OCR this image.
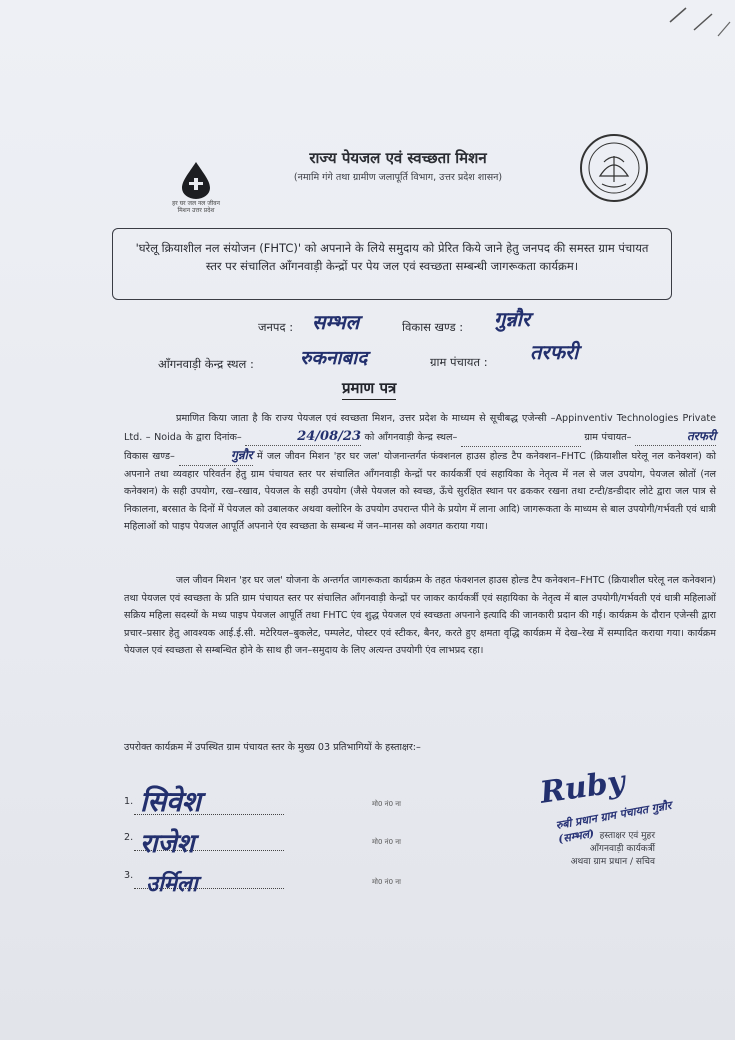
हर घर जल नल जीवन मिशन उत्तर प्रदेश
राज्य पेयजल एवं स्वच्छता मिशन
(नमामि गंगे तथा ग्रामीण जलापूर्ति विभाग, उत्तर प्रदेश शासन)
'घरेलू क्रियाशील नल संयोजन (FHTC)' को अपनाने के लिये समुदाय को प्रेरित किये जाने हेतु जनपद की समस्त ग्राम पंचायत स्तर पर संचालित आँगनवाड़ी केन्द्रों पर पेय जल एवं स्वच्छता सम्बन्धी जागरूकता कार्यक्रम।
जनपद : सम्भल	विकास खण्ड : गुन्नौर
आँगनवाड़ी केन्द्र स्थल : रुकनाबाद	ग्राम पंचायत : तरफरी
प्रमाण पत्र

प्रमाणित किया जाता है कि राज्य पेयजल एवं स्वच्छता मिशन, उत्तर प्रदेश के माध्यम से सूचीबद्ध एजेन्सी –Appinventiv Technologies Private Ltd. – Noida के द्वारा दिनांक–	24/08/23 को आँगनवाड़ी केन्द्र स्थल–	ग्राम पंचायत–	तरफरी विकास खण्ड–	गुन्नौर में जल जीवन मिशन 'हर घर जल' योजनान्तर्गत फंक्शनल हाउस होल्ड टैप कनेक्शन–FHTC (क्रियाशील घरेलू नल कनेक्शन) को अपनाने तथा व्यवहार परिवर्तन हेतु ग्राम पंचायत स्तर पर संचालित आँगनवाड़ी केन्द्रों पर कार्यकर्त्री एवं सहायिका के नेतृत्व में नल से जल उपयोग, पेयजल स्रोतों (नल कनेक्शन) के सही उपयोग, रख–रखाव, पेयजल के सही उपयोग (जैसे पेयजल को स्वच्छ, ऊँचे सुरक्षित स्थान पर ढककर रखना तथा टन्टी/डन्डीदार लोटे द्वारा जल पात्र से निकालना, बरसात के दिनों में पेयजल को उबालकर अथवा क्लोरिन के उपयोग उपरान्त पीने के प्रयोग में लाना आदि) जागरूकता के माध्यम से बाल उपयोगी/गर्भवती एवं धात्री महिलाओं को पाइप पेयजल आपूर्ति अपनाने एंव स्वच्छता के सम्बन्ध में जन–मानस को अवगत कराया गया।

जल जीवन मिशन 'हर घर जल' योजना के अन्तर्गत जागरूकता कार्यक्रम के तहत फंक्शनल हाउस होल्ड टैप कनेक्शन–FHTC (क्रियाशील घरेलू नल कनेक्शन) तथा पेयजल एवं स्वच्छता के प्रति ग्राम पंचायत स्तर पर संचालित आँगनवाड़ी केन्द्रों पर जाकर कार्यकर्त्री एवं सहायिका के नेतृत्व में बाल उपयोगी/गर्भवती एवं धात्री महिलाओं सक्रिय महिला सदस्यों के मध्य पाइप पेयजल आपूर्ति तथा FHTC एंव शुद्ध पेयजल एवं स्वच्छता अपनाने इत्यादि की जानकारी प्रदान की गई। कार्यक्रम के दौरान एजेन्सी द्वारा प्रचार–प्रसार हेतु आवश्यक आई.ई.सी. मटेरियल–बुकलेट, पम्पलेट, पोस्टर एवं स्टीकर, बैनर, करते हुए क्षमता वृद्धि कार्यक्रम में देख–रेख में सम्पादित कराया गया। कार्यक्रम पेयजल एवं स्वच्छता से सम्बन्धित होने के साथ ही जन–समुदाय के लिए अत्यन्त उपयोगी एंव लाभप्रद रहा।

उपरोक्त कार्यक्रम में उपस्थित ग्राम पंचायत स्तर के मुख्य 03 प्रतिभागियों के हस्ताक्षर:–
1.
सिवेश	मो0 नं0 ना
2.
राजेश	मो0 नं0 ना
3.
उर्मिला	मो0 नं0 ना
Ruby
रुबी प्रधान ग्राम पंचायत गुन्नौर (सम्भल) हस्ताक्षर एवं मुहर
आँगनवाड़ी कार्यकर्त्री
अथवा ग्राम प्रधान / सचिव
